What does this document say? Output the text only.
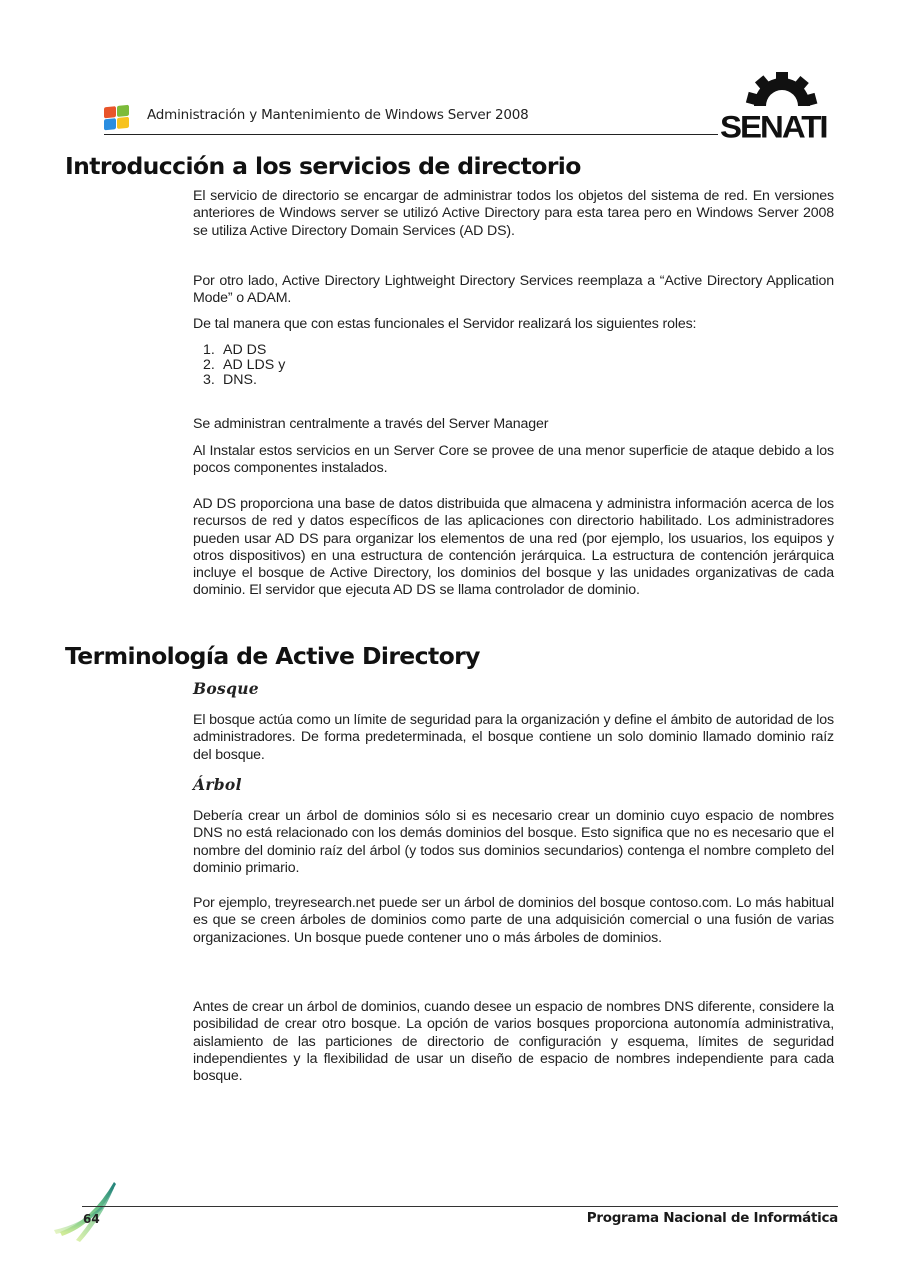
Administración y Mantenimiento de Windows Server 2008	SENATI
Introducción a los servicios de directorio
El servicio de directorio se encargar de administrar todos los objetos del sistema de red. En versiones anteriores de Windows server se utilizó Active Directory para esta tarea pero en Windows Server 2008 se utiliza Active Directory Domain Services (AD DS).
Por otro lado, Active Directory Lightweight Directory Services reemplaza a “Active Directory Application Mode” o ADAM.
De tal manera que con estas funcionales el Servidor realizará los siguientes roles:
1. AD DS
2. AD LDS y
3. DNS.
Se administran centralmente a través del Server Manager
Al Instalar estos servicios en un Server Core se provee de una menor superficie de ataque debido a los pocos componentes instalados.
AD DS proporciona una base de datos distribuida que almacena y administra información acerca de los recursos de red y datos específicos de las aplicaciones con directorio habilitado. Los administradores pueden usar AD DS para organizar los elementos de una red (por ejemplo, los usuarios, los equipos y otros dispositivos) en una estructura de contención jerárquica. La estructura de contención jerárquica incluye el bosque de Active Directory, los dominios del bosque y las unidades organizativas de cada dominio. El servidor que ejecuta AD DS se llama controlador de dominio.
Terminología de Active Directory
Bosque
El bosque actúa como un límite de seguridad para la organización y define el ámbito de autoridad de los administradores. De forma predeterminada, el bosque contiene un solo dominio llamado dominio raíz del bosque.
Árbol
Debería crear un árbol de dominios sólo si es necesario crear un dominio cuyo espacio de nombres DNS no está relacionado con los demás dominios del bosque. Esto significa que no es necesario que el nombre del dominio raíz del árbol (y todos sus dominios secundarios) contenga el nombre completo del dominio primario.
Por ejemplo, treyresearch.net puede ser un árbol de dominios del bosque contoso.com. Lo más habitual es que se creen árboles de dominios como parte de una adquisición comercial o una fusión de varias organizaciones. Un bosque puede contener uno o más árboles de dominios.
Antes de crear un árbol de dominios, cuando desee un espacio de nombres DNS diferente, considere la posibilidad de crear otro bosque. La opción de varios bosques proporciona autonomía administrativa, aislamiento de las particiones de directorio de configuración y esquema, límites de seguridad independientes y la flexibilidad de usar un diseño de espacio de nombres independiente para cada bosque.
64	Programa Nacional de Informática
